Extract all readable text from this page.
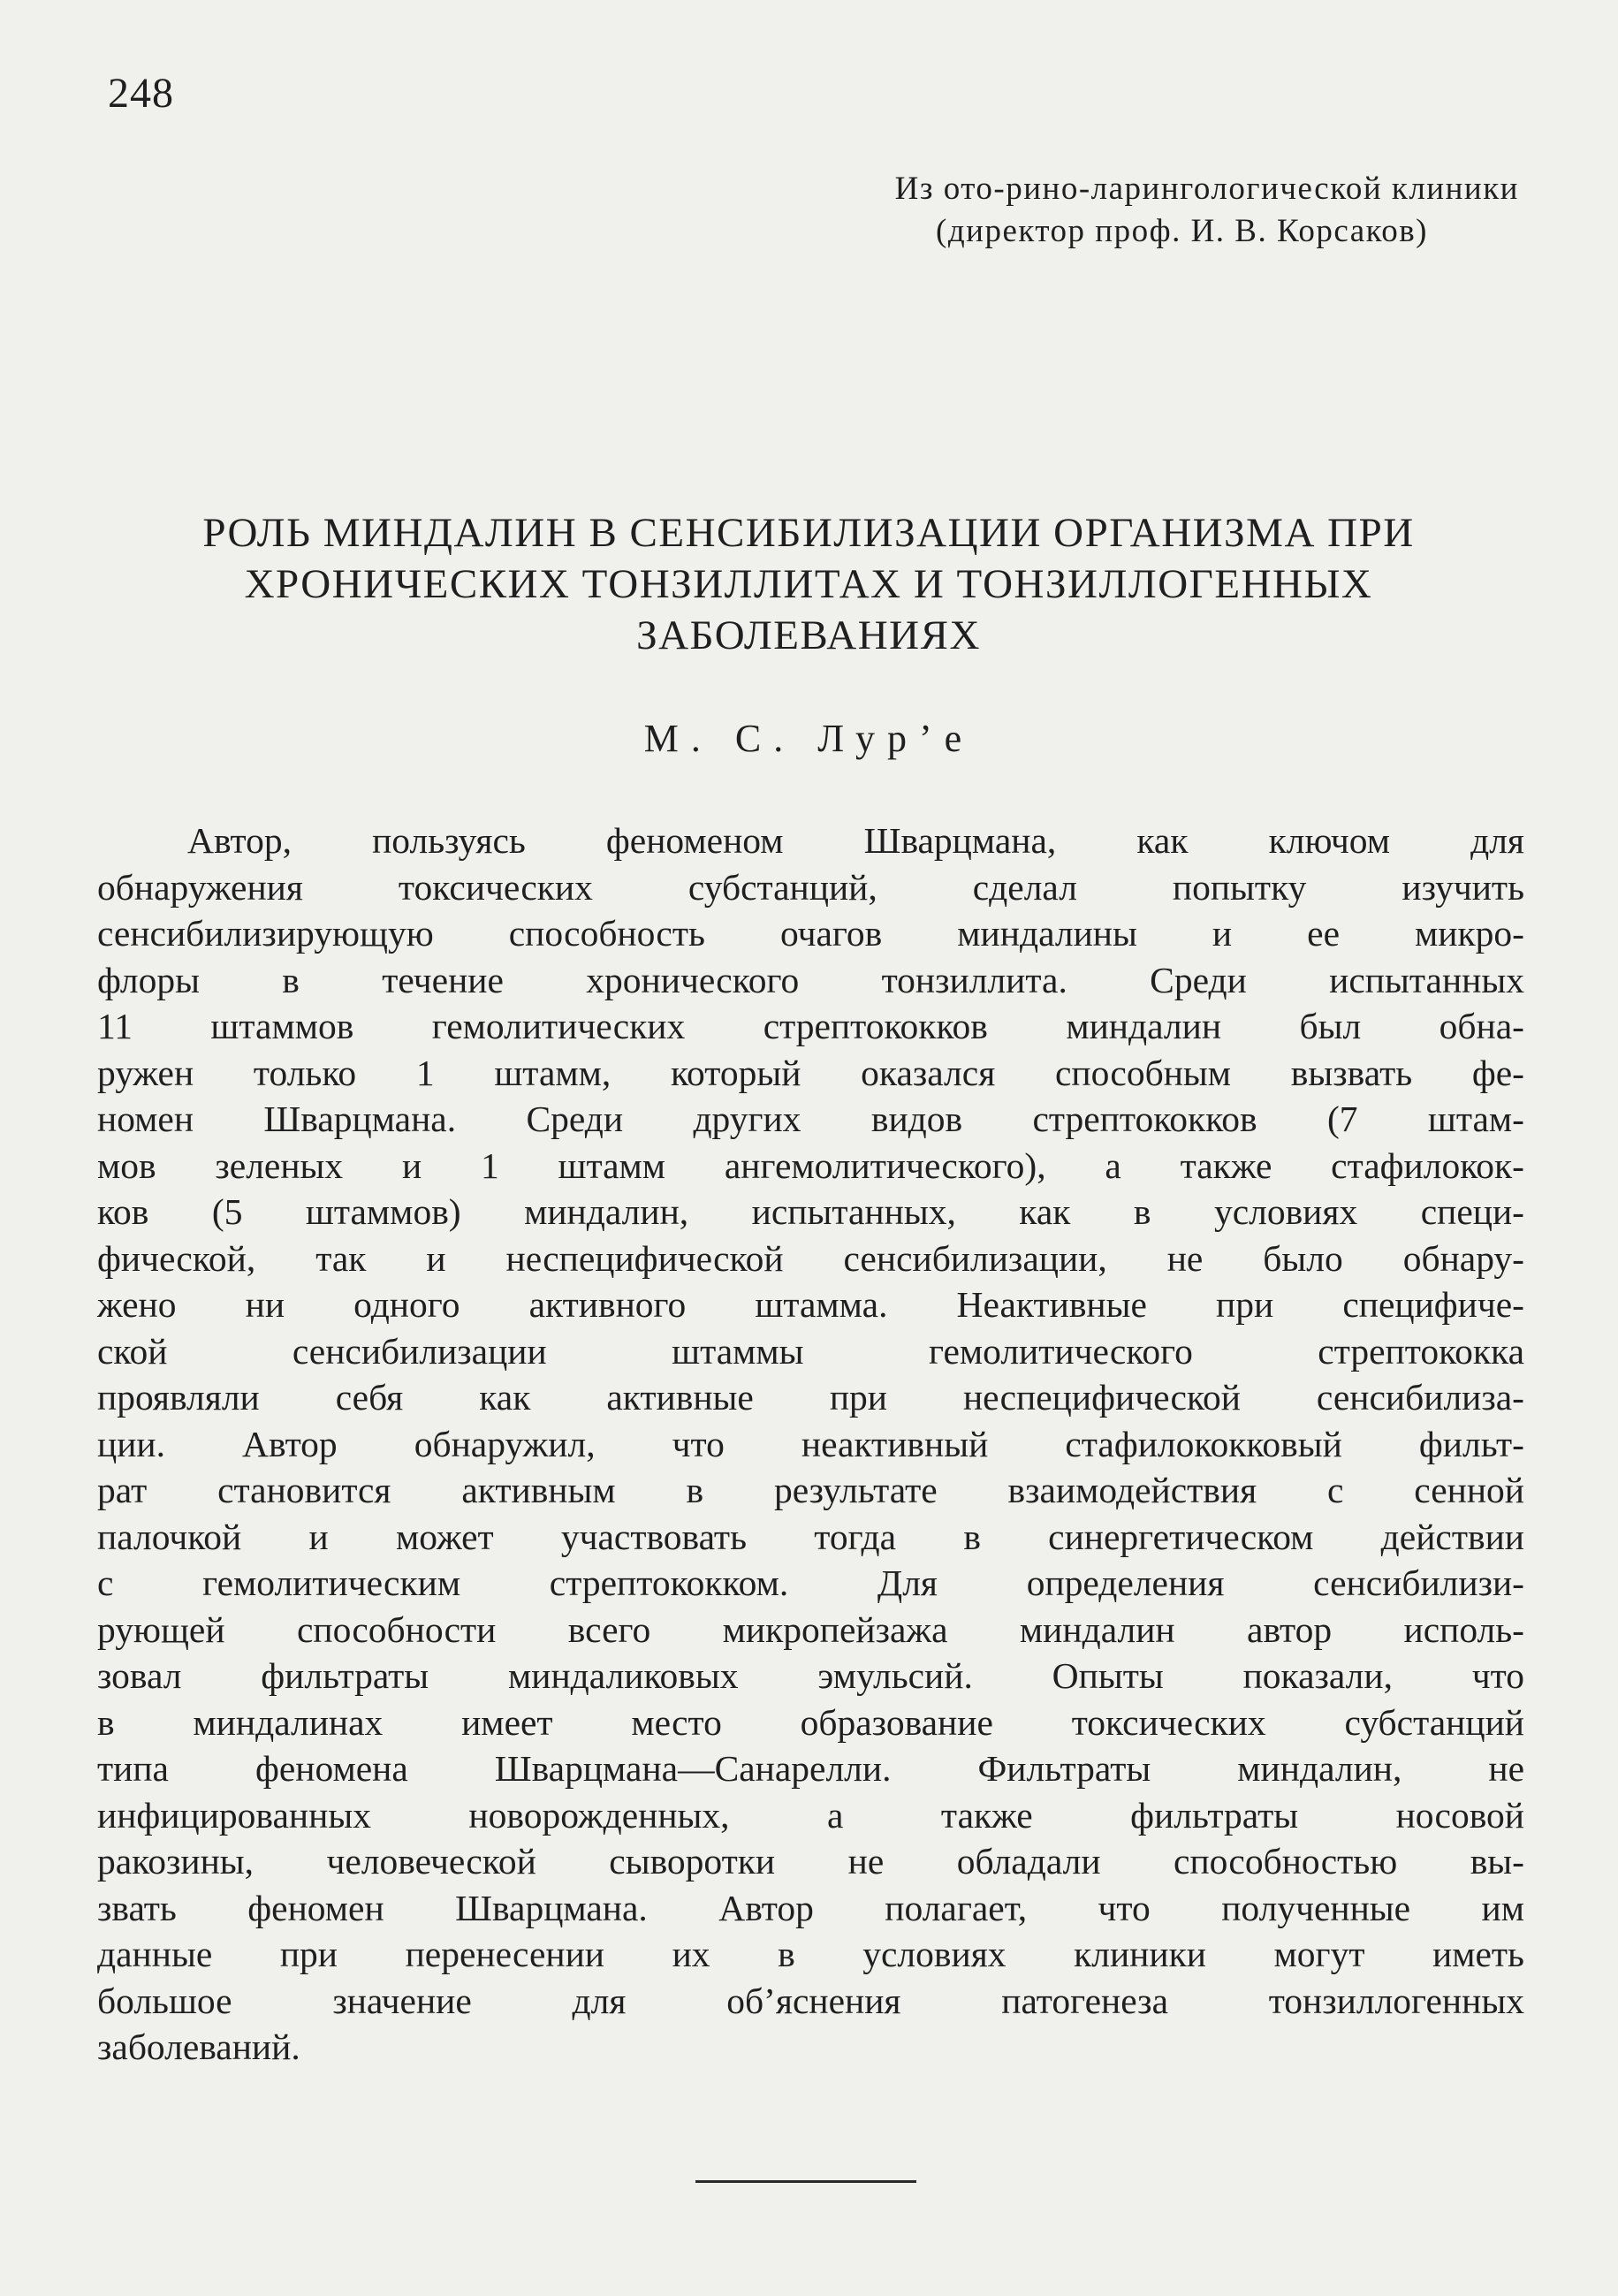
248
Из ото-рино-ларингологической клиники
(директор проф. И. В. Корсаков)
РОЛЬ МИНДАЛИН В СЕНСИБИЛИЗАЦИИ ОРГАНИЗМА ПРИ
ХРОНИЧЕСКИХ ТОНЗИЛЛИТАХ И ТОНЗИЛЛОГЕННЫХ
ЗАБОЛЕВАНИЯХ
М. С. Лур’е
Автор, пользуясь феноменом Шварцмана, как ключом для
обнаружения токсических субстанций, сделал попытку изучить
сенсибилизирующую способность очагов миндалины и ее микро-
флоры в течение хронического тонзиллита. Среди испытанных
11 штаммов гемолитических стрептококков миндалин был обна-
ружен только 1 штамм, который оказался способным вызвать фе-
номен Шварцмана. Среди других видов стрептококков (7 штам-
мов зеленых и 1 штамм ангемолитического), а также стафилокок-
ков (5 штаммов) миндалин, испытанных, как в условиях специ-
фической, так и неспецифической сенсибилизации, не было обнару-
жено ни одного активного штамма. Неактивные при специфиче-
ской сенсибилизации штаммы гемолитического стрептококка
проявляли себя как активные при неспецифической сенсибилиза-
ции. Автор обнаружил, что неактивный стафилококковый фильт-
рат становится активным в результате взаимодействия с сенной
палочкой и может участвовать тогда в синергетическом действии
с гемолитическим стрептококком. Для определения сенсибилизи-
рующей способности всего микропейзажа миндалин автор исполь-
зовал фильтраты миндаликовых эмульсий. Опыты показали, что
в миндалинах имеет место образование токсических субстанций
типа феномена Шварцмана—Санарелли. Фильтраты миндалин, не
инфицированных новорожденных, а также фильтраты носовой
ракозины, человеческой сыворотки не обладали способностью вы-
звать феномен Шварцмана. Автор полагает, что полученные им
данные при перенесении их в условиях клиники могут иметь
большое значение для об’яснения патогенеза тонзиллогенных
заболеваний.
